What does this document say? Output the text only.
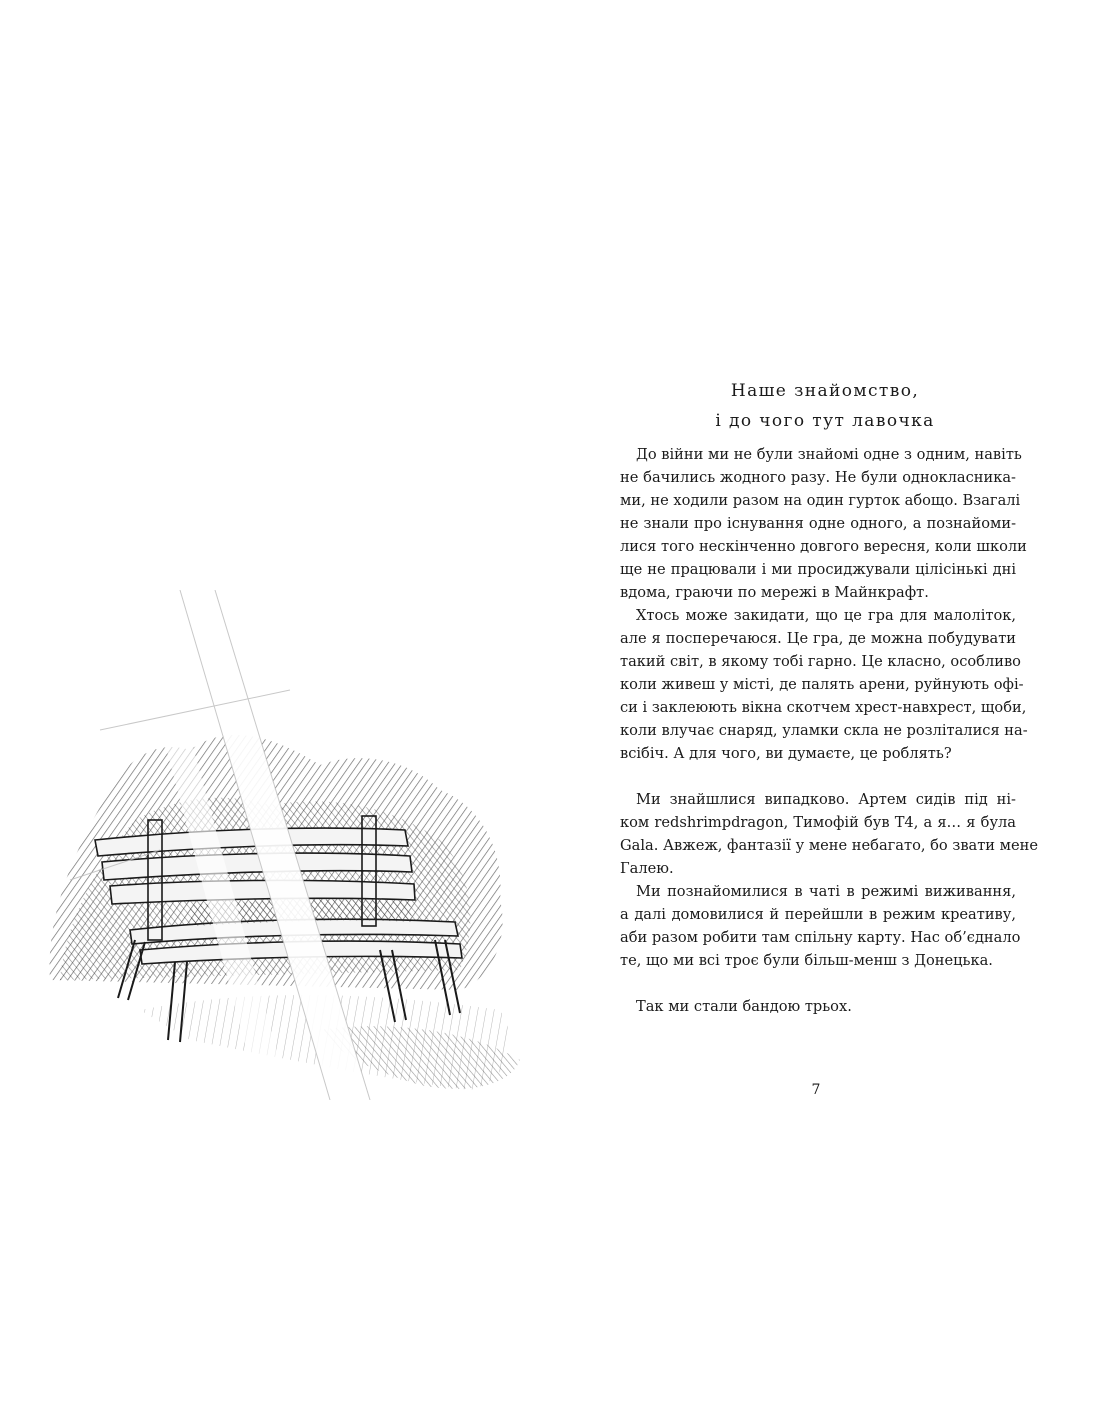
Наше знайомство,
і до чого тут лавочка
До війни ми не були знайомі одне з одним, навіть
не бачились жодного разу. Не були однокласника-
ми, не ходили разом на один гурток абощо. Взагалі
не знали про існування одне одного, а познайоми-
лися того нескінченно довгого вересня, коли школи
ще не працювали і ми просиджували цілісінькі дні
вдома, граючи по мережі в Майнкрафт.
Хтось може закидати, що це гра для малоліток,
але я посперечаюся. Це гра, де можна побудувати
такий світ, в якому тобі гарно. Це класно, особливо
коли живеш у місті, де палять арени, руйнують офі-
си і заклеюють вікна скотчем хрест-навхрест, щоби,
коли влучає снаряд, уламки скла не розліталися на-
всібіч. А для чого, ви думаєте, це роблять?
Ми знайшлися випадково. Артем сидів під ні-
ком redshrimpdragon, Тимофій був T4, а я… я була
Gala. Авжеж, фантазії у мене небагато, бо звати мене
Галею.
Ми познайомилися в чаті в режимі виживання,
а далі домовилися й перейшли в режим креативу,
аби разом робити там спільну карту. Нас об’єднало
те, що ми всі троє були більш-менш з Донецька.
Так ми стали бандою трьох.
7
